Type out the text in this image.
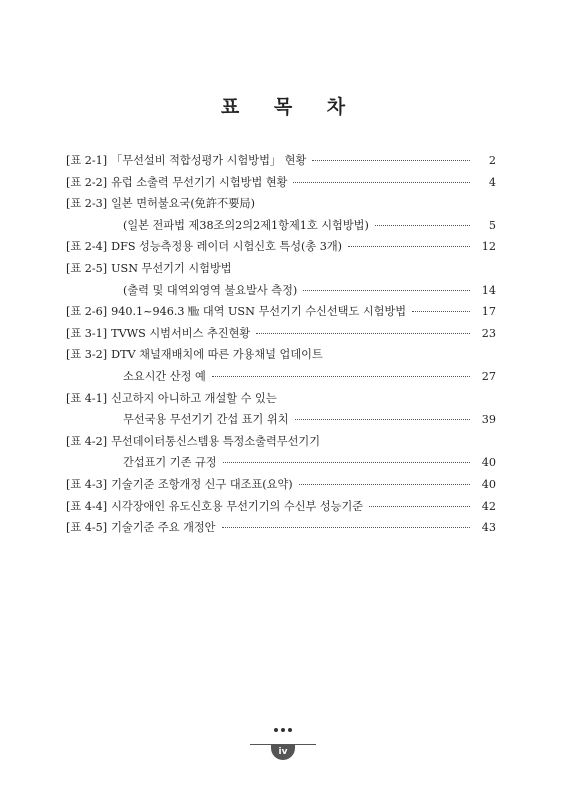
표 목 차
[표 2-1] 「무선설비 적합성평가 시험방법」 현황	2
[표 2-2] 유럽 소출력 무선기기 시험방법 현황	4
[표 2-3] 일본 면허불요국(免許不要局)
(일본 전파법 제38조의2의2제1항제1호 시험방법)	5
[표 2-4] DFS 성능측정용 레이더 시험신호 특성(총 3개)	12
[표 2-5] USN 무선기기 시험방법
(출력 및 대역외영역 불요발사 측정)	14
[표 2-6] 940.1~946.3 ㎒ 대역 USN 무선기기 수신선택도 시험방법	17
[표 3-1] TVWS 시범서비스 추진현황	23
[표 3-2] DTV 채널재배치에 따른 가용채널 업데이트
소요시간 산정 예	27
[표 4-1] 신고하지 아니하고 개설할 수 있는
무선국용 무선기기 간섭 표기 위치	39
[표 4-2] 무선데이터통신스템용 특정소출력무선기기
간섭표기 기존 규정	40
[표 4-3] 기술기준 조항개정 신구 대조표(요약)	40
[표 4-4] 시각장애인 유도신호용 무선기기의 수신부 성능기준	42
[표 4-5] 기술기준 주요 개정안	43
iv
